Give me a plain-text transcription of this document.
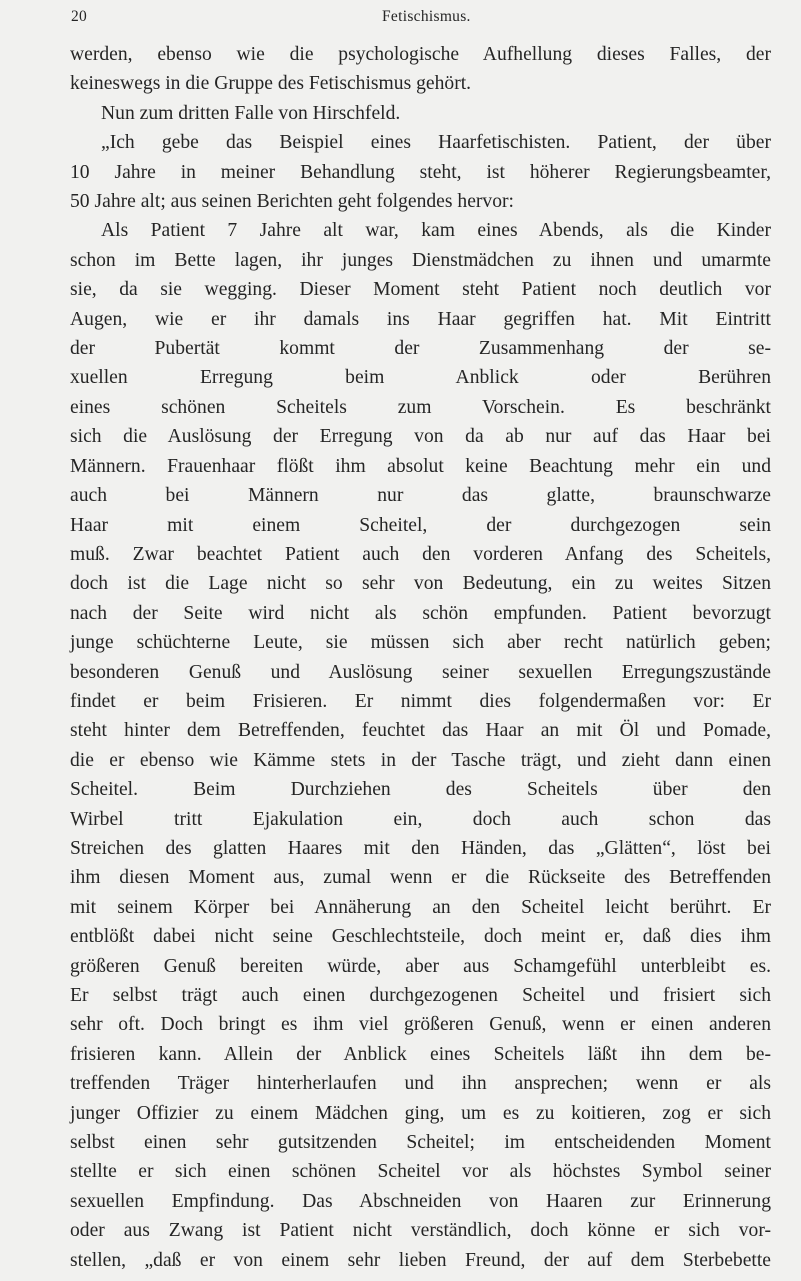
20	Fetischismus.
werden, ebenso wie die psychologische Aufhellung dieses Falles, der
keineswegs in die Gruppe des Fetischismus gehört.
Nun zum dritten Falle von Hirschfeld.
„Ich gebe das Beispiel eines Haarfetischisten. Patient, der über
10 Jahre in meiner Behandlung steht, ist höherer Regierungsbeamter,
50 Jahre alt; aus seinen Berichten geht folgendes hervor:
Als Patient 7 Jahre alt war, kam eines Abends, als die Kinder
schon im Bette lagen, ihr junges Dienstmädchen zu ihnen und umarmte
sie, da sie wegging. Dieser Moment steht Patient noch deutlich vor
Augen, wie er ihr damals ins Haar gegriffen hat. Mit Eintritt
der Pubertät kommt der Zusammenhang der se-
xuellen Erregung beim Anblick oder Berühren
eines schönen Scheitels zum Vorschein. Es beschränkt
sich die Auslösung der Erregung von da ab nur auf das Haar bei
Männern. Frauenhaar flößt ihm absolut keine Beachtung mehr ein und
auch bei Männern nur das glatte, braunschwarze
Haar mit einem Scheitel, der durchgezogen sein
muß. Zwar beachtet Patient auch den vorderen Anfang des Scheitels,
doch ist die Lage nicht so sehr von Bedeutung, ein zu weites Sitzen
nach der Seite wird nicht als schön empfunden. Patient bevorzugt
junge schüchterne Leute, sie müssen sich aber recht natürlich geben;
besonderen Genuß und Auslösung seiner sexuellen Erregungszustände
findet er beim Frisieren. Er nimmt dies folgendermaßen vor: Er
steht hinter dem Betreffenden, feuchtet das Haar an mit Öl und Pomade,
die er ebenso wie Kämme stets in der Tasche trägt, und zieht dann einen
Scheitel. Beim Durchziehen des Scheitels über den
Wirbel tritt Ejakulation ein, doch auch schon das
Streichen des glatten Haares mit den Händen, das „Glätten“, löst bei
ihm diesen Moment aus, zumal wenn er die Rückseite des Betreffenden
mit seinem Körper bei Annäherung an den Scheitel leicht berührt. Er
entblößt dabei nicht seine Geschlechtsteile, doch meint er, daß dies ihm
größeren Genuß bereiten würde, aber aus Schamgefühl unterbleibt es.
Er selbst trägt auch einen durchgezogenen Scheitel und frisiert sich
sehr oft. Doch bringt es ihm viel größeren Genuß, wenn er einen anderen
frisieren kann. Allein der Anblick eines Scheitels läßt ihn dem be-
treffenden Träger hinterherlaufen und ihn ansprechen; wenn er als
junger Offizier zu einem Mädchen ging, um es zu koitieren, zog er sich
selbst einen sehr gutsitzenden Scheitel; im entscheidenden Moment
stellte er sich einen schönen Scheitel vor als höchstes Symbol seiner
sexuellen Empfindung. Das Abschneiden von Haaren zur Erinnerung
oder aus Zwang ist Patient nicht verständlich, doch könne er sich vor-
stellen, „daß er von einem sehr lieben Freund, der auf dem Sterbebette
